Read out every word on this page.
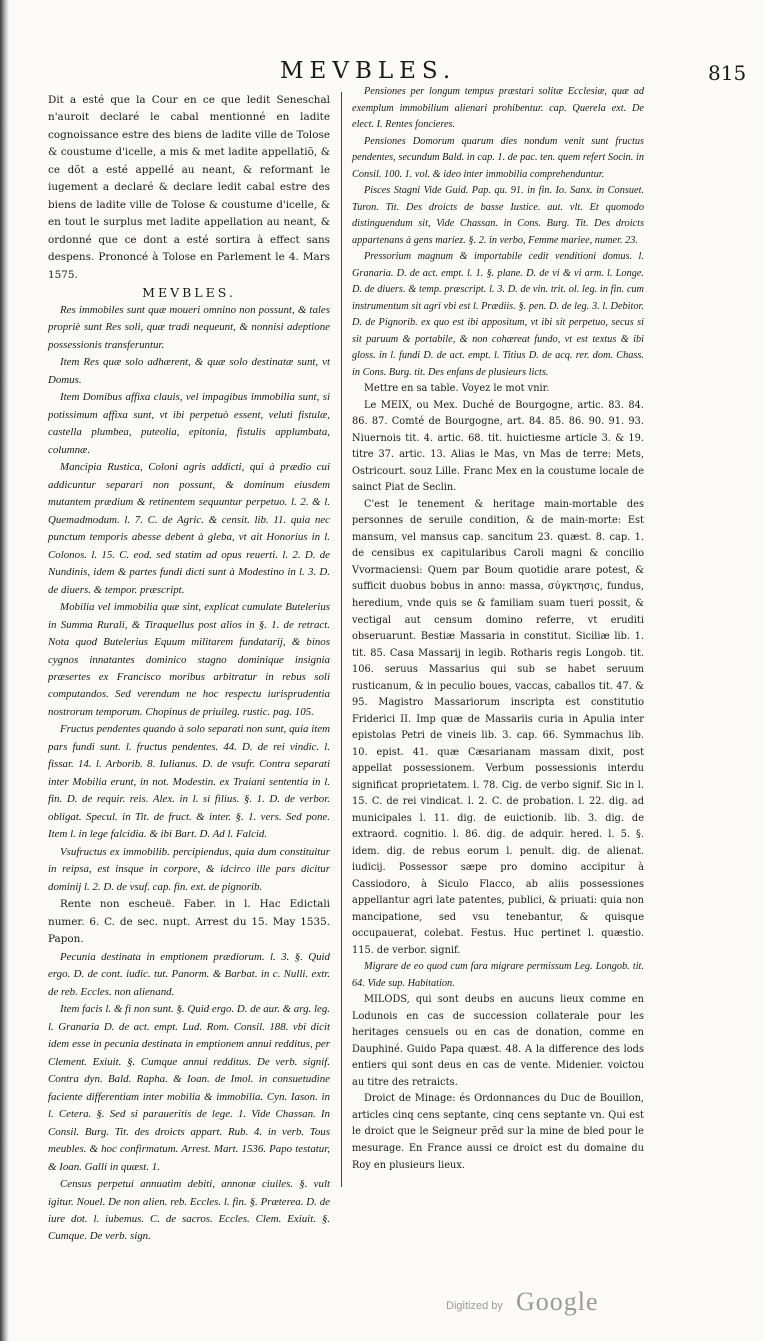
MEVBLES.	815

Dit a esté que la Cour en ce que ledit Seneschal n'auroit declaré le cabal mentionné en ladite cognoissance estre des biens de ladite ville de Tolose & coustume d'icelle, a mis & met ladite appellatiõ, & ce dõt a esté appellé au neant, & reformant le iugement a declaré & declare ledit cabal estre des biens de ladite ville de Tolose & coustume d'icelle, & en tout le surplus met ladite appellation au neant, & ordonné que ce dont a esté sortira à effect sans despens. Prononcé à Tolose en Parlement le 4. Mars 1575.

MEVBLES.

Res immobiles sunt quæ moueri omnino non possunt, & tales propriè sunt Res soli, quæ tradi nequeunt, & nonnisi adeptione possessionis transferuntur.

Item Res quæ solo adhærent, & quæ solo destinatæ sunt, vt Domus.

Item Domibus affixa clauis, vel impagibus immobilia sunt, si potissimum affixa sunt, vt ibi perpetuò essent, veluti fistulæ, castella plumbea, puteolia, epitonia, fistulis applumbata, columnæ.

Mancipia Rustica, Coloni agris addicti, qui à prædio cui addicuntur separari non possunt, & dominum eiusdem mutantem prædium & retinentem sequuntur perpetuo. l. 2. & l. Quemadmodum. l. 7. C. de Agric. & censit. lib. 11. quia nec punctum temporis abesse debent à gleba, vt ait Honorius in l. Colonos. l. 15. C. eod. sed statim ad opus reuerti. l. 2. D. de Nundinis, idem & partes fundi dicti sunt à Modestino in l. 3. D. de diuers. & tempor. præscript.

Mobilia vel immobilia quæ sint, explicat cumulate Butelerius in Summa Rurali, & Tiraquellus post alios in §. 1. de retract. Nota quod Butelerius Equum militarem fundatarij, & binos cygnos innatantes dominico stagno dominique insignia præsertes ex Francisco moribus arbitratur in rebus soli computandos. Sed verendum ne hoc respectu iurisprudentia nostrorum temporum. Chopinus de priuileg. rustic. pag. 105.

Fructus pendentes quando à solo separati non sunt, quia item pars fundi sunt. l. fructus pendentes. 44. D. de rei vindic. l. fissar. 14. l. Arborib. 8. Iulianus. D. de vsufr. Contra separati inter Mobilia erunt, in not. Modestin. ex Traiani sententia in l. fin. D. de requir. reis. Alex. in l. si filius. §. 1. D. de verbor. obligat. Specul. in Tit. de fruct. & inter. §. 1. vers. Sed pone. Item l. in lege falcidia. & ibi Bart. D. Ad l. Falcid.

Vsufructus ex immobilib. percipiendus, quia dum constituitur in reipsa, est insque in corpore, & idcirco ille pars dicitur dominij l. 2. D. de vsuf. cap. fin. ext. de pignorib.

Rente non escheuë. Faber. in l. Hac Edictali numer. 6. C. de sec. nupt. Arrest du 15. May 1535. Papon.

Pecunia destinata in emptionem prædiorum. l. 3. §. Quid ergo. D. de cont. iudic. tut. Panorm. & Barbat. in c. Nulli. extr. de reb. Eccles. non alienand.

Item facis l. & fi non sunt. §. Quid ergo. D. de aur. & arg. leg. l. Granaria D. de act. empt. Lud. Rom. Consil. 188. vbi dicit idem esse in pecunia destinata in emptionem annui redditus, per Clement. Exiuit. §. Cumque annui redditus. De verb. signif. Contra dyn. Bald. Rapha. & Ioan. de Imol. in consuetudine faciente differentiam inter mobilia & immobilia. Cyn. Iason. in l. Cetera. §. Sed si paraueritis de lege. 1. Vide Chassan. In Consil. Burg. Tit. des droicts appart. Rub. 4. in verb. Tous meubles. & hoc confirmatum. Arrest. Mart. 1536. Papo testatur, & Ioan. Galli in quæst. 1.

Census perpetui annuatim debiti, annonæ ciuiles. §. vult igitur. Nouel. De non alien. reb. Eccles. l. fin. §. Præterea. D. de iure dot. l. iubemus. C. de sacros. Eccles. Clem. Exiuit. §. Cumque. De verb. sign.

Pensiones per longum tempus præstari solitæ Ecclesiæ, quæ ad exemplum immobilium alienari prohibentur. cap. Querela ext. De elect. I. Rentes foncieres.

Pensiones Domorum quarum dies nondum venit sunt fructus pendentes, secundum Bald. in cap. 1. de pac. ten. quem refert Socin. in Consil. 100. 1. vol. & ideo inter immobilia comprehenduntur.

Pisces Stagni Vide Guid. Pap. qu. 91. in fin. Io. Sanx. in Consuet. Turon. Tit. Des droicts de basse Iustice. aut. vlt. Et quomodo distinguendum sit, Vide Chassan. in Cons. Burg. Tit. Des droicts appartenans à gens mariez. §. 2. in verbo, Femme mariee, numer. 23.

Pressorium magnum & importabile cedit venditioni domus. l. Granaria. D. de act. empt. l. 1. §. plane. D. de vi & vi arm. l. Longe. D. de diuers. & temp. præscript. l. 3. D. de vin. trit. ol. leg. in fin. cum instrumentum sit agri vbi est l. Prædiis. §. pen. D. de leg. 3. l. Debitor. D. de Pignorib. ex quo est ibi appositum, vt ibi sit perpetuo, secus si sit paruum & portabile, & non cohæreat fundo, vt est textus & ibi gloss. in l. fundi D. de act. empt. l. Titius D. de acq. rer. dom. Chass. in Cons. Burg. tit. Des enfans de plusieurs licts.

Mettre en sa table. Voyez le mot vnir.

Le MEIX, ou Mex. Duché de Bourgogne, artic. 83. 84. 86. 87. Comté de Bourgogne, art. 84. 85. 86. 90. 91. 93. Niuernois tit. 4. artic. 68. tit. huictiesme article 3. & 19. titre 37. artic. 13. Alias le Mas, vn Mas de terre: Mets, Ostricourt. souz Lille. Franc Mex en la coustume locale de sainct Piat de Seclin.

C'est le tenement & heritage main-mortable des personnes de seruile condition, & de main-morte: Est mansum, vel mansus cap. sancitum 23. quæst. 8. cap. 1. de censibus ex capitularibus Caroli magni & concilio Vvormaciensi: Quem par Boum quotidie arare potest, & sufficit duobus bobus in anno: massa, σύγκτησις, fundus, heredium, vnde quis se & familiam suam tueri possit, & vectigal aut censum domino referre, vt eruditi obseruarunt. Bestiæ Massaria in constitut. Siciliæ lib. 1. tit. 85. Casa Massarij in legib. Rotharis regis Longob. tit. 106. seruus Massarius qui sub se habet seruum rusticanum, & in peculio boues, vaccas, caballos tit. 47. & 95. Magistro Massariorum inscripta est constitutio Friderici II. Imp quæ de Massariis curia in Apulia inter epistolas Petri de vineis lib. 3. cap. 66. Symmachus lib. 10. epist. 41. quæ Cæsarianam massam dixit, post appellat possessionem. Verbum possessionis interdu significat proprietatem. l. 78. Cig. de verbo signif. Sic in l. 15. C. de rei vindicat. l. 2. C. de probation. l. 22. dig. ad municipales l. 11. dig. de euictionib. lib. 3. dig. de extraord. cognitio. l. 86. dig. de adquir. hered. l. 5. §. idem. dig. de rebus eorum l. penult. dig. de alienat. iudicij. Possessor sæpe pro domino accipitur à Cassiodoro, à Siculo Flacco, ab aliis possessiones appellantur agri late patentes, publici, & priuati: quia non mancipatione, sed vsu tenebantur, & quisque occupauerat, colebat. Festus. Huc pertinet l. quæstio. 115. de verbor. signif.

Migrare de eo quod cum fara migrare permissum Leg. Longob. tit. 64. Vide sup. Habitation.

MILODS, qui sont deubs en aucuns lieux comme en Lodunois en cas de succession collaterale pour les heritages censuels ou en cas de donation, comme en Dauphiné. Guido Papa quæst. 48. A la difference des lods entiers qui sont deus en cas de vente. Midenier. voictou au titre des retraicts.

Droict de Minage: és Ordonnances du Duc de Bouillon, articles cinq cens septante, cinq cens septante vn. Qui est le droict que le Seigneur prẽd sur la mine de bled pour le mesurage. En France aussi ce droict est du domaine du Roy en plusieurs lieux.

Digitized by Google
